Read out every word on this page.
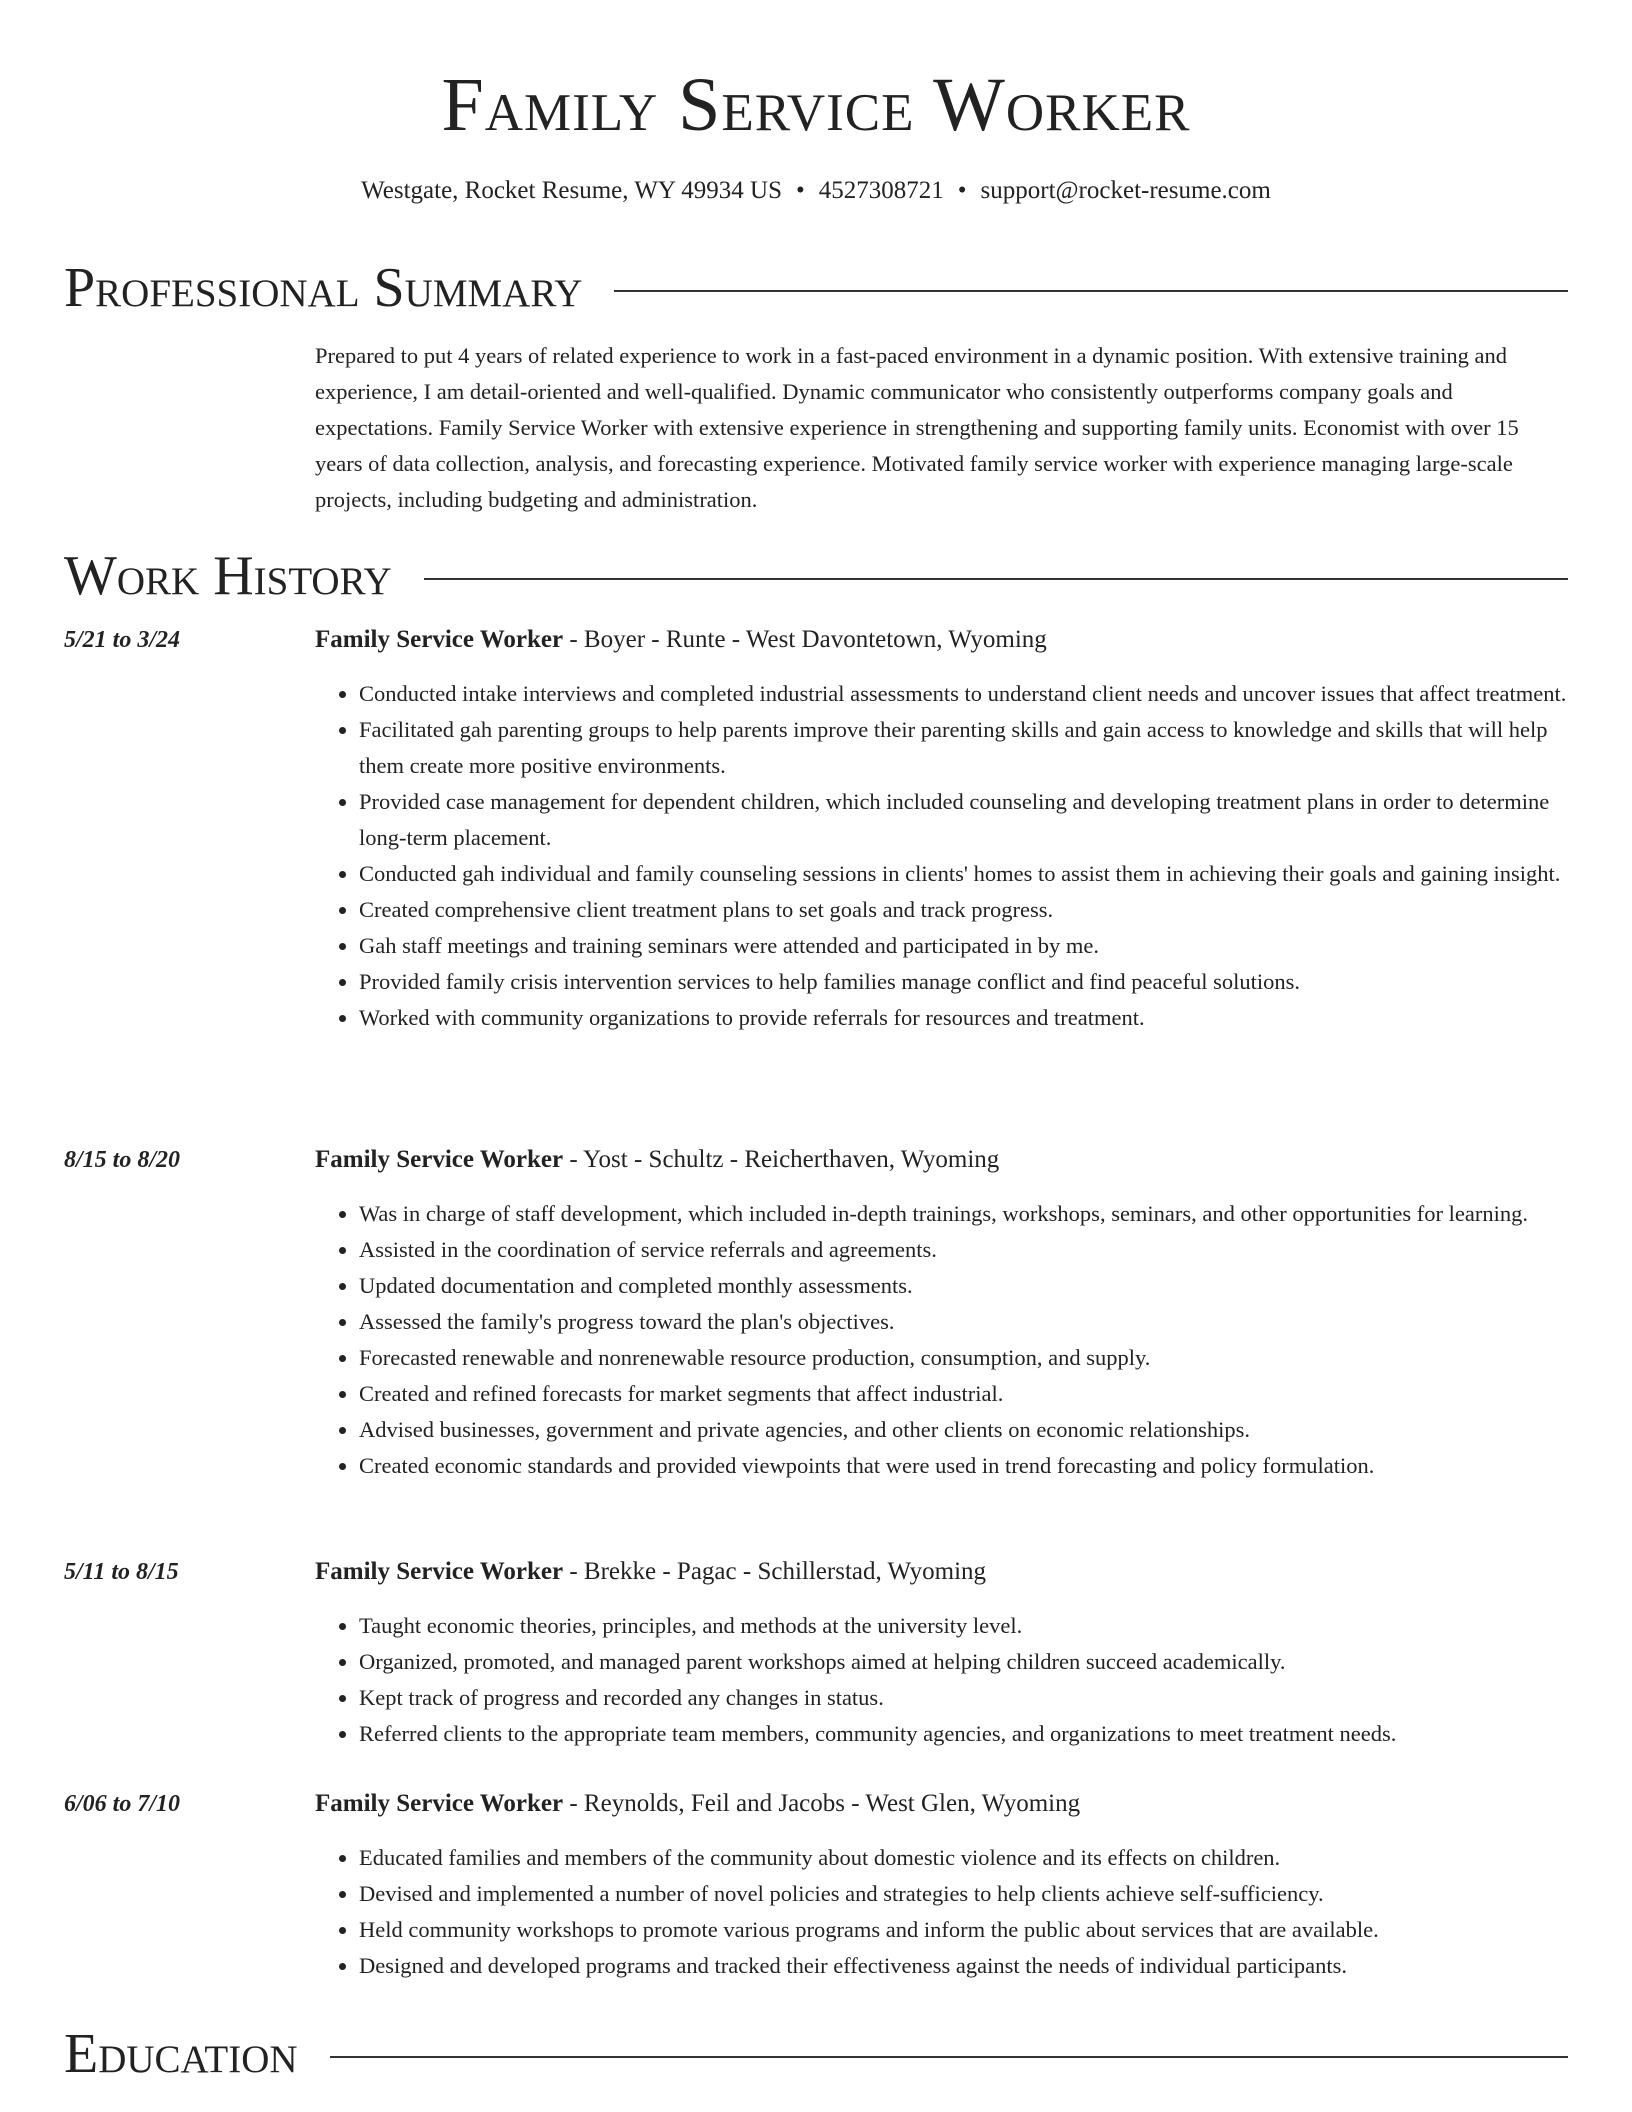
Family Service Worker
Westgate, Rocket Resume, WY 49934 US • 4527308721 • support@rocket-resume.com
Professional Summary

Prepared to put 4 years of related experience to work in a fast-paced environment in a dynamic position. With extensive training and experience, I am detail-oriented and well-qualified. Dynamic communicator who consistently outperforms company goals and expectations. Family Service Worker with extensive experience in strengthening and supporting family units. Economist with over 15 years of data collection, analysis, and forecasting experience. Motivated family service worker with experience managing large-scale projects, including budgeting and administration.

Work History
5/21 to 3/24	Family Service Worker - Boyer - Runte - West Davontetown, Wyoming
• Conducted intake interviews and completed industrial assessments to understand client needs and uncover issues that affect treatment.
• Facilitated gah parenting groups to help parents improve their parenting skills and gain access to knowledge and skills that will help them create more positive environments.
• Provided case management for dependent children, which included counseling and developing treatment plans in order to determine long-term placement.
• Conducted gah individual and family counseling sessions in clients' homes to assist them in achieving their goals and gaining insight.
• Created comprehensive client treatment plans to set goals and track progress.
• Gah staff meetings and training seminars were attended and participated in by me.
• Provided family crisis intervention services to help families manage conflict and find peaceful solutions.
• Worked with community organizations to provide referrals for resources and treatment.
8/15 to 8/20	Family Service Worker - Yost - Schultz - Reicherthaven, Wyoming
• Was in charge of staff development, which included in-depth trainings, workshops, seminars, and other opportunities for learning.
• Assisted in the coordination of service referrals and agreements.
• Updated documentation and completed monthly assessments.
• Assessed the family's progress toward the plan's objectives.
• Forecasted renewable and nonrenewable resource production, consumption, and supply.
• Created and refined forecasts for market segments that affect industrial.
• Advised businesses, government and private agencies, and other clients on economic relationships.
• Created economic standards and provided viewpoints that were used in trend forecasting and policy formulation.
5/11 to 8/15	Family Service Worker - Brekke - Pagac - Schillerstad, Wyoming
• Taught economic theories, principles, and methods at the university level.
• Organized, promoted, and managed parent workshops aimed at helping children succeed academically.
• Kept track of progress and recorded any changes in status.
• Referred clients to the appropriate team members, community agencies, and organizations to meet treatment needs.
6/06 to 7/10	Family Service Worker - Reynolds, Feil and Jacobs - West Glen, Wyoming
• Educated families and members of the community about domestic violence and its effects on children.
• Devised and implemented a number of novel policies and strategies to help clients achieve self-sufficiency.
• Held community workshops to promote various programs and inform the public about services that are available.
• Designed and developed programs and tracked their effectiveness against the needs of individual participants.
Education
